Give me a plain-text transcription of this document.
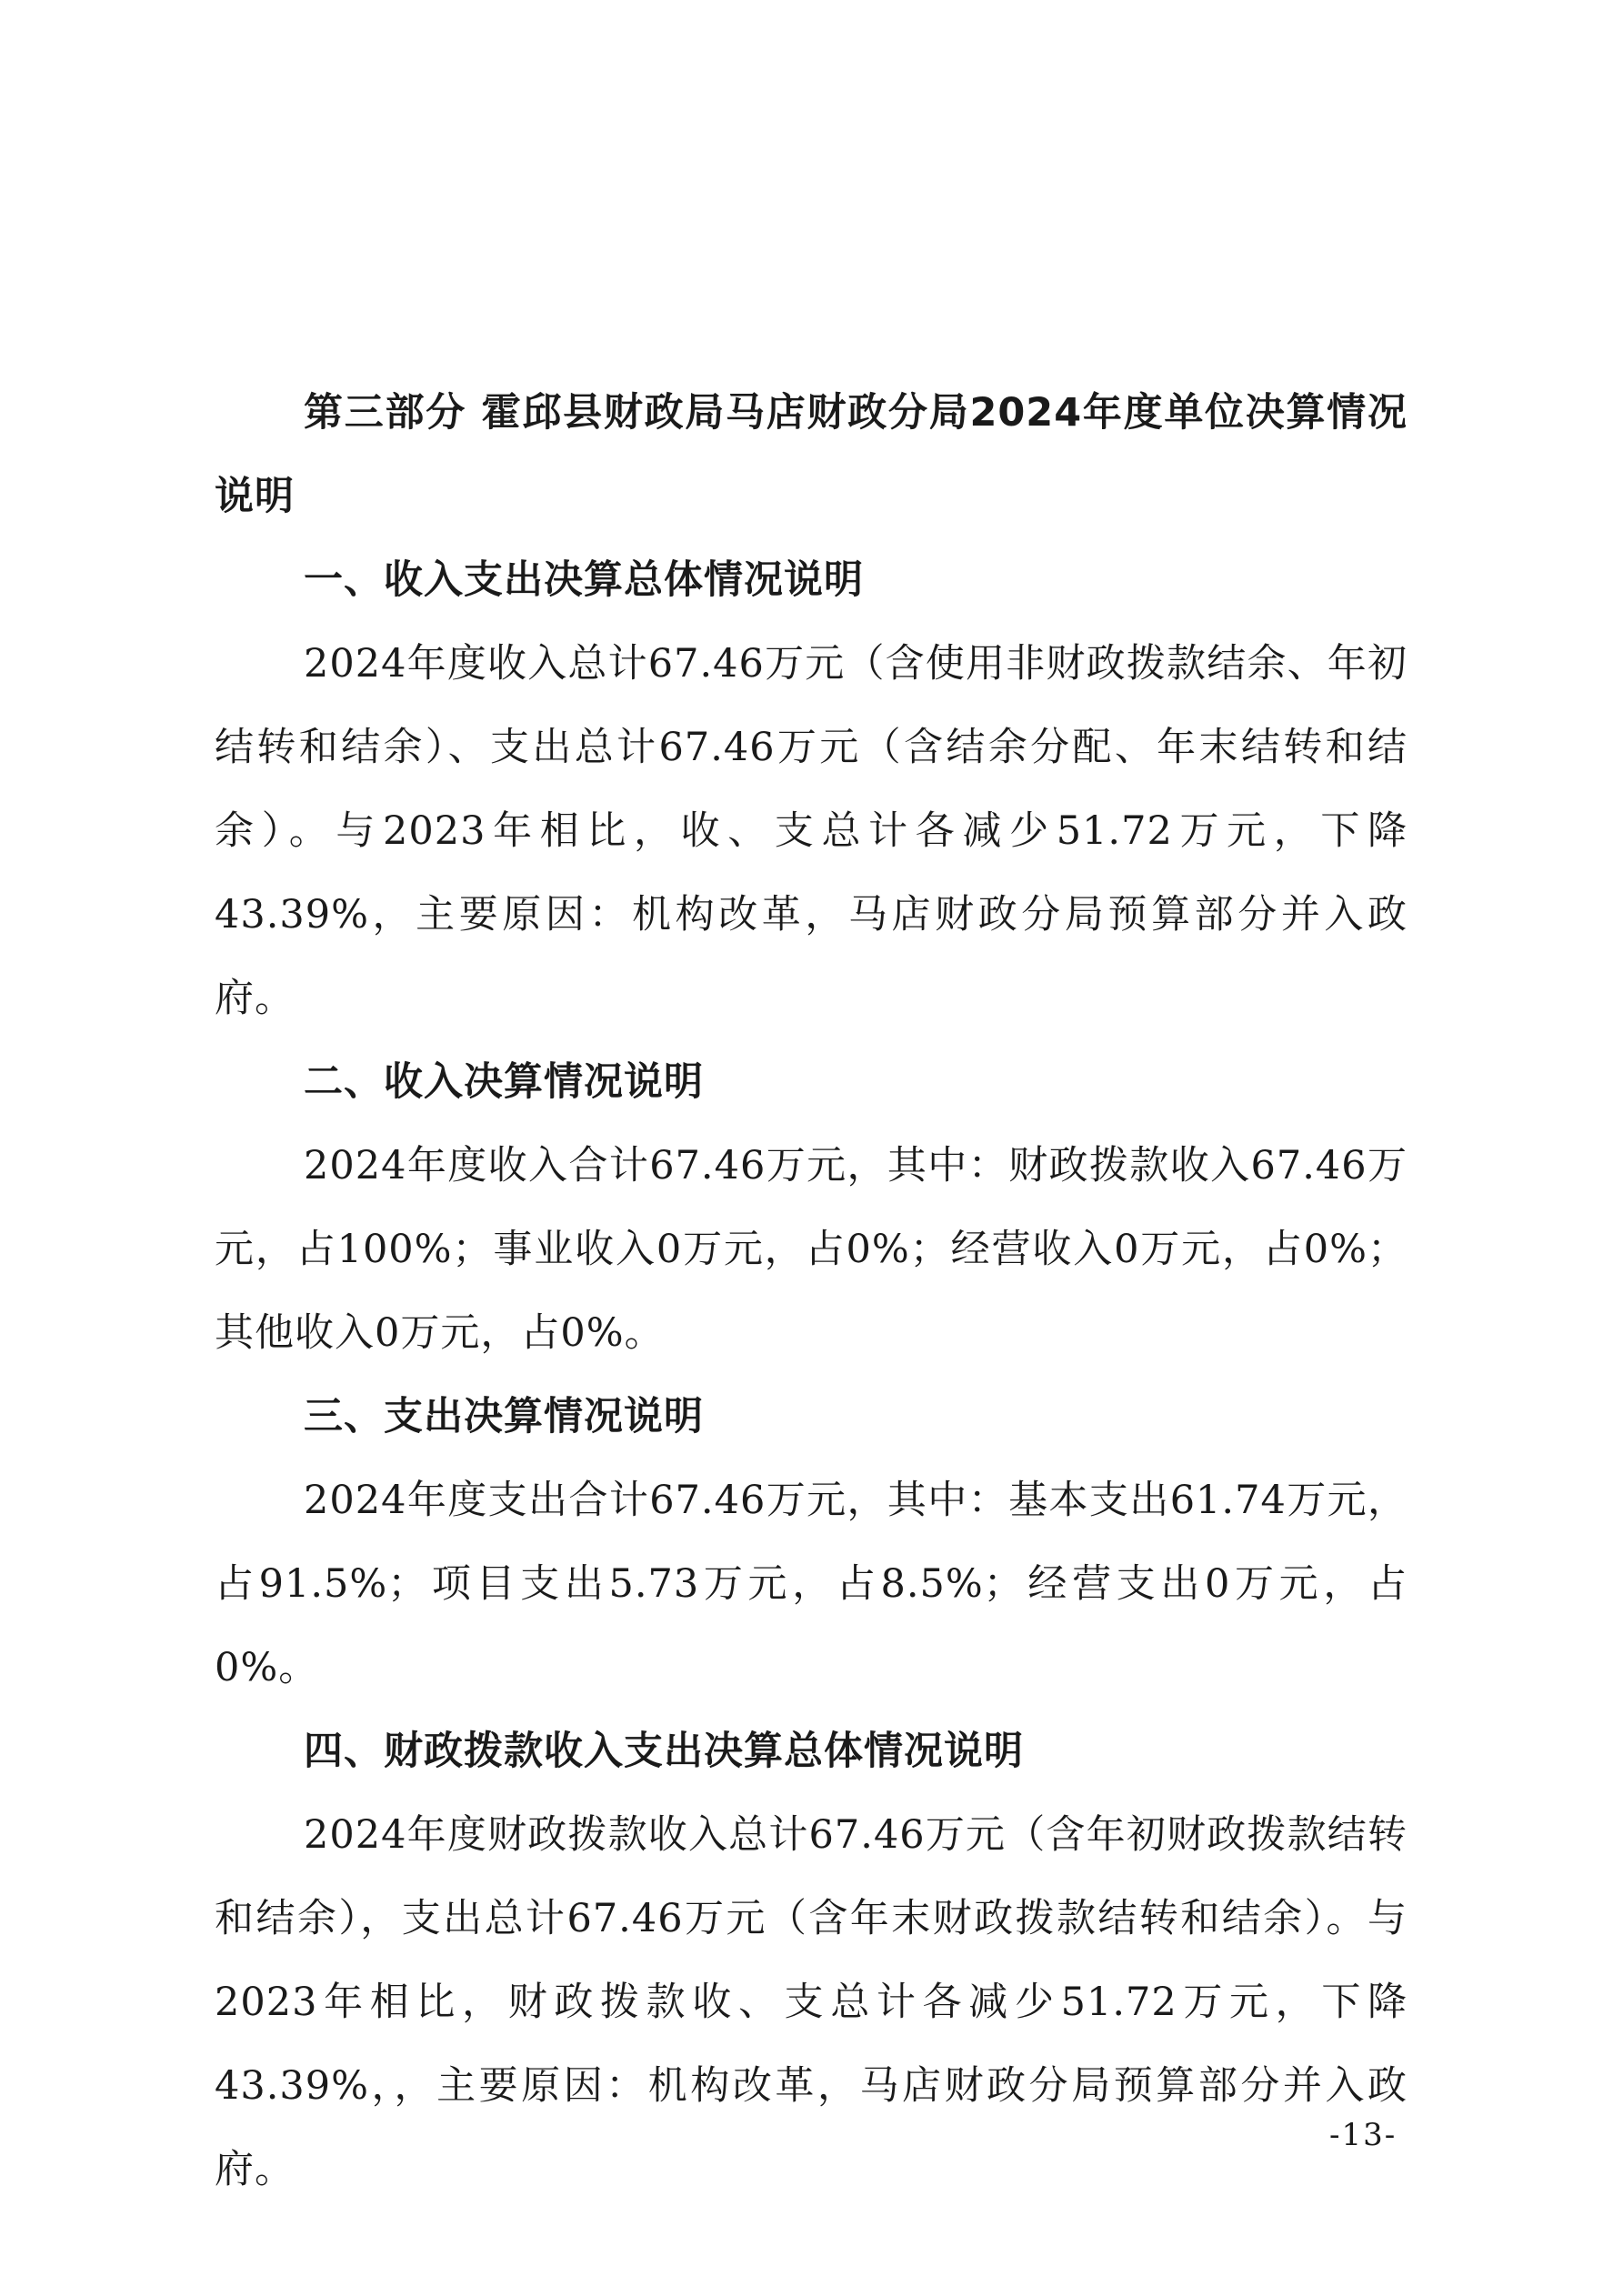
第三部分 霍邱县财政局马店财政分局2024年度单位决算情况说明

一、收入支出决算总体情况说明

2024年度收入总计67.46万元（含使用非财政拨款结余、年初结转和结余）、支出总计67.46万元（含结余分配、年末结转和结余）。与2023年相比，收、支总计各减少51.72万元，下降43.39%，主要原因：机构改革，马店财政分局预算部分并入政府。

二、收入决算情况说明

2024年度收入合计67.46万元，其中：财政拨款收入67.46万元，占100%；事业收入0万元，占0%；经营收入0万元，占0%；其他收入0万元，占0%。

三、支出决算情况说明

2024年度支出合计67.46万元，其中：基本支出61.74万元，占91.5%；项目支出5.73万元，占8.5%；经营支出0万元，占0%。

四、财政拨款收入支出决算总体情况说明

2024年度财政拨款收入总计67.46万元（含年初财政拨款结转和结余），支出总计67.46万元（含年末财政拨款结转和结余）。与2023年相比，财政拨款收、支总计各减少51.72万元，下降43.39%，，主要原因：机构改革，马店财政分局预算部分并入政府。

-13-
